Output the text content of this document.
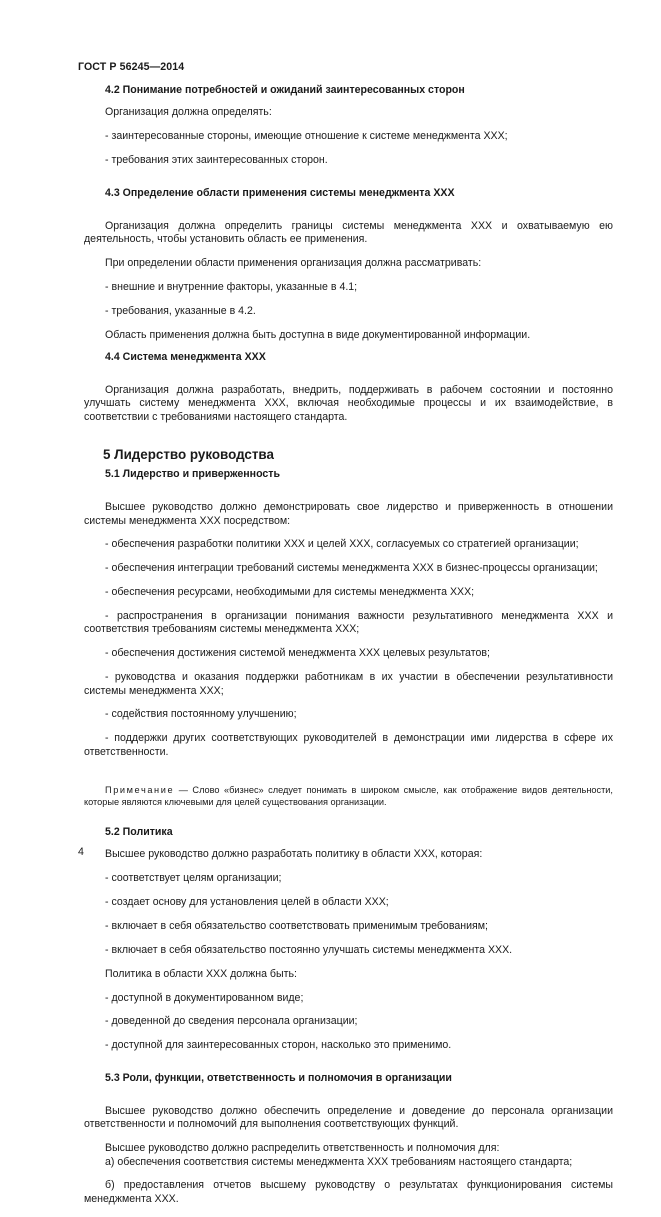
ГОСТ Р 56245—2014

4.2 Понимание потребностей и ожиданий заинтересованных сторон

Организация должна определять:

- заинтересованные стороны, имеющие отношение к системе менеджмента ХХХ;

- требования этих заинтересованных сторон.

4.3 Определение области применения системы менеджмента ХХХ

Организация должна определить границы системы менеджмента ХХХ и охватываемую ею деятельность, чтобы установить область ее применения.

При определении области применения организация должна рассматривать:

- внешние и внутренние факторы, указанные в 4.1;

- требования, указанные в 4.2.

Область применения должна быть доступна в виде документированной информации.

4.4 Система менеджмента ХХХ

Организация должна разработать, внедрить, поддерживать в рабочем состоянии и постоянно улучшать систему менеджмента ХХХ, включая необходимые процессы и их взаимодействие, в соответствии с требованиями настоящего стандарта.

5 Лидерство руководства

5.1 Лидерство и приверженность

Высшее руководство должно демонстрировать свое лидерство и приверженность в отношении системы менеджмента ХХХ посредством:

- обеспечения разработки политики ХХХ и целей ХХХ, согласуемых со стратегией организации;

- обеспечения интеграции требований системы менеджмента ХХХ в бизнес-процессы организации;

- обеспечения ресурсами, необходимыми для системы менеджмента ХХХ;

- распространения в организации понимания важности результативного менеджмента ХХХ и соответствия требованиям системы менеджмента ХХХ;

- обеспечения достижения системой менеджмента ХХХ целевых результатов;

- руководства и оказания поддержки работникам в их участии в обеспечении результативности системы менеджмента ХХХ;

- содействия постоянному улучшению;

- поддержки других соответствующих руководителей в демонстрации ими лидерства в сфере их ответственности.

Примечание — Слово «бизнес» следует понимать в широком смысле, как отображение видов деятельности, которые являются ключевыми для целей существования организации.

5.2 Политика

Высшее руководство должно разработать политику в области ХХХ, которая:

- соответствует целям организации;

- создает основу для установления целей в области ХХХ;

- включает в себя обязательство соответствовать применимым требованиям;

- включает в себя обязательство постоянно улучшать системы менеджмента ХХХ.

Политика в области ХХХ должна быть:

- доступной в документированном виде;

- доведенной до сведения персонала организации;

- доступной для заинтересованных сторон, насколько это применимо.

5.3 Роли, функции, ответственность и полномочия в организации

Высшее руководство должно обеспечить определение и доведение до персонала организации ответственности и полномочий для выполнения соответствующих функций.

Высшее руководство должно распределить ответственность и полномочия для:

а) обеспечения соответствия системы менеджмента ХХХ требованиям настоящего стандарта;

б) предоставления отчетов высшему руководству о результатах функционирования системы менеджмента ХХХ.

4
